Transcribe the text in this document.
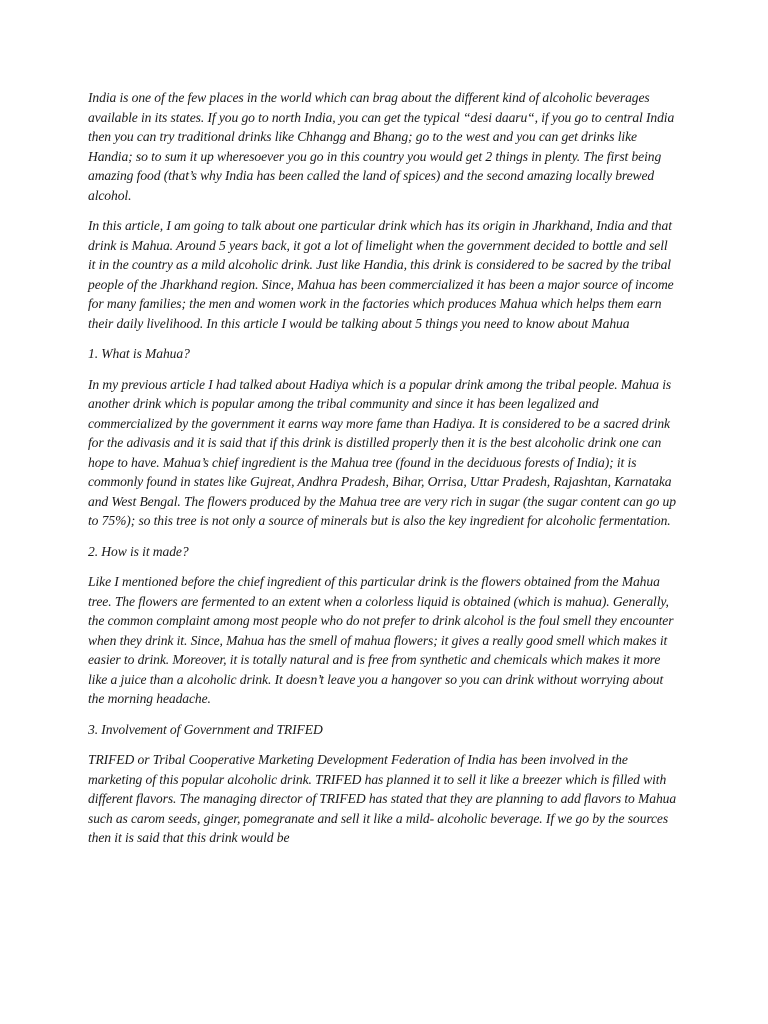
India is one of the few places in the world which can brag about the different kind of alcoholic beverages available in its states. If you go to north India, you can get the typical “desi daaru“, if you go to central India then you can try traditional drinks like Chhangg and Bhang; go to the west and you can get drinks like Handia; so to sum it up wheresoever you go in this country you would get 2 things in plenty. The first being amazing food (that’s why India has been called the land of spices) and the second amazing locally brewed alcohol.

In this article, I am going to talk about one particular drink which has its origin in Jharkhand, India and that drink is Mahua. Around 5 years back, it got a lot of limelight when the government decided to bottle and sell it in the country as a mild alcoholic drink. Just like Handia, this drink is considered to be sacred by the tribal people of the Jharkhand region. Since, Mahua has been commercialized it has been a major source of income for many families; the men and women work in the factories which produces Mahua which helps them earn their daily livelihood. In this article I would be talking about 5 things you need to know about Mahua

1. What is Mahua?

In my previous article I had talked about Hadiya which is a popular drink among the tribal people. Mahua is another drink which is popular among the tribal community and since it has been legalized and commercialized by the government it earns way more fame than Hadiya. It is considered to be a sacred drink for the adivasis and it is said that if this drink is distilled properly then it is the best alcoholic drink one can hope to have. Mahua’s chief ingredient is the Mahua tree (found in the deciduous forests of India); it is commonly found in states like Gujreat, Andhra Pradesh, Bihar, Orrisa, Uttar Pradesh, Rajashtan, Karnataka and West Bengal. The flowers produced by the Mahua tree are very rich in sugar (the sugar content can go up to 75%); so this tree is not only a source of minerals but is also the key ingredient for alcoholic fermentation.

2. How is it made?

Like I mentioned before the chief ingredient of this particular drink is the flowers obtained from the Mahua tree. The flowers are fermented to an extent when a colorless liquid is obtained (which is mahua). Generally, the common complaint among most people who do not prefer to drink alcohol is the foul smell they encounter when they drink it. Since, Mahua has the smell of mahua flowers; it gives a really good smell which makes it easier to drink. Moreover, it is totally natural and is free from synthetic and chemicals which makes it more like a juice than a alcoholic drink. It doesn’t leave you a hangover so you can drink without worrying about the morning headache.

3. Involvement of Government and TRIFED

TRIFED or Tribal Cooperative Marketing Development Federation of India has been involved in the marketing of this popular alcoholic drink. TRIFED has planned it to sell it like a breezer which is filled with different flavors. The managing director of TRIFED has stated that they are planning to add flavors to Mahua such as carom seeds, ginger, pomegranate and sell it like a mild- alcoholic beverage. If we go by the sources then it is said that this drink would be
